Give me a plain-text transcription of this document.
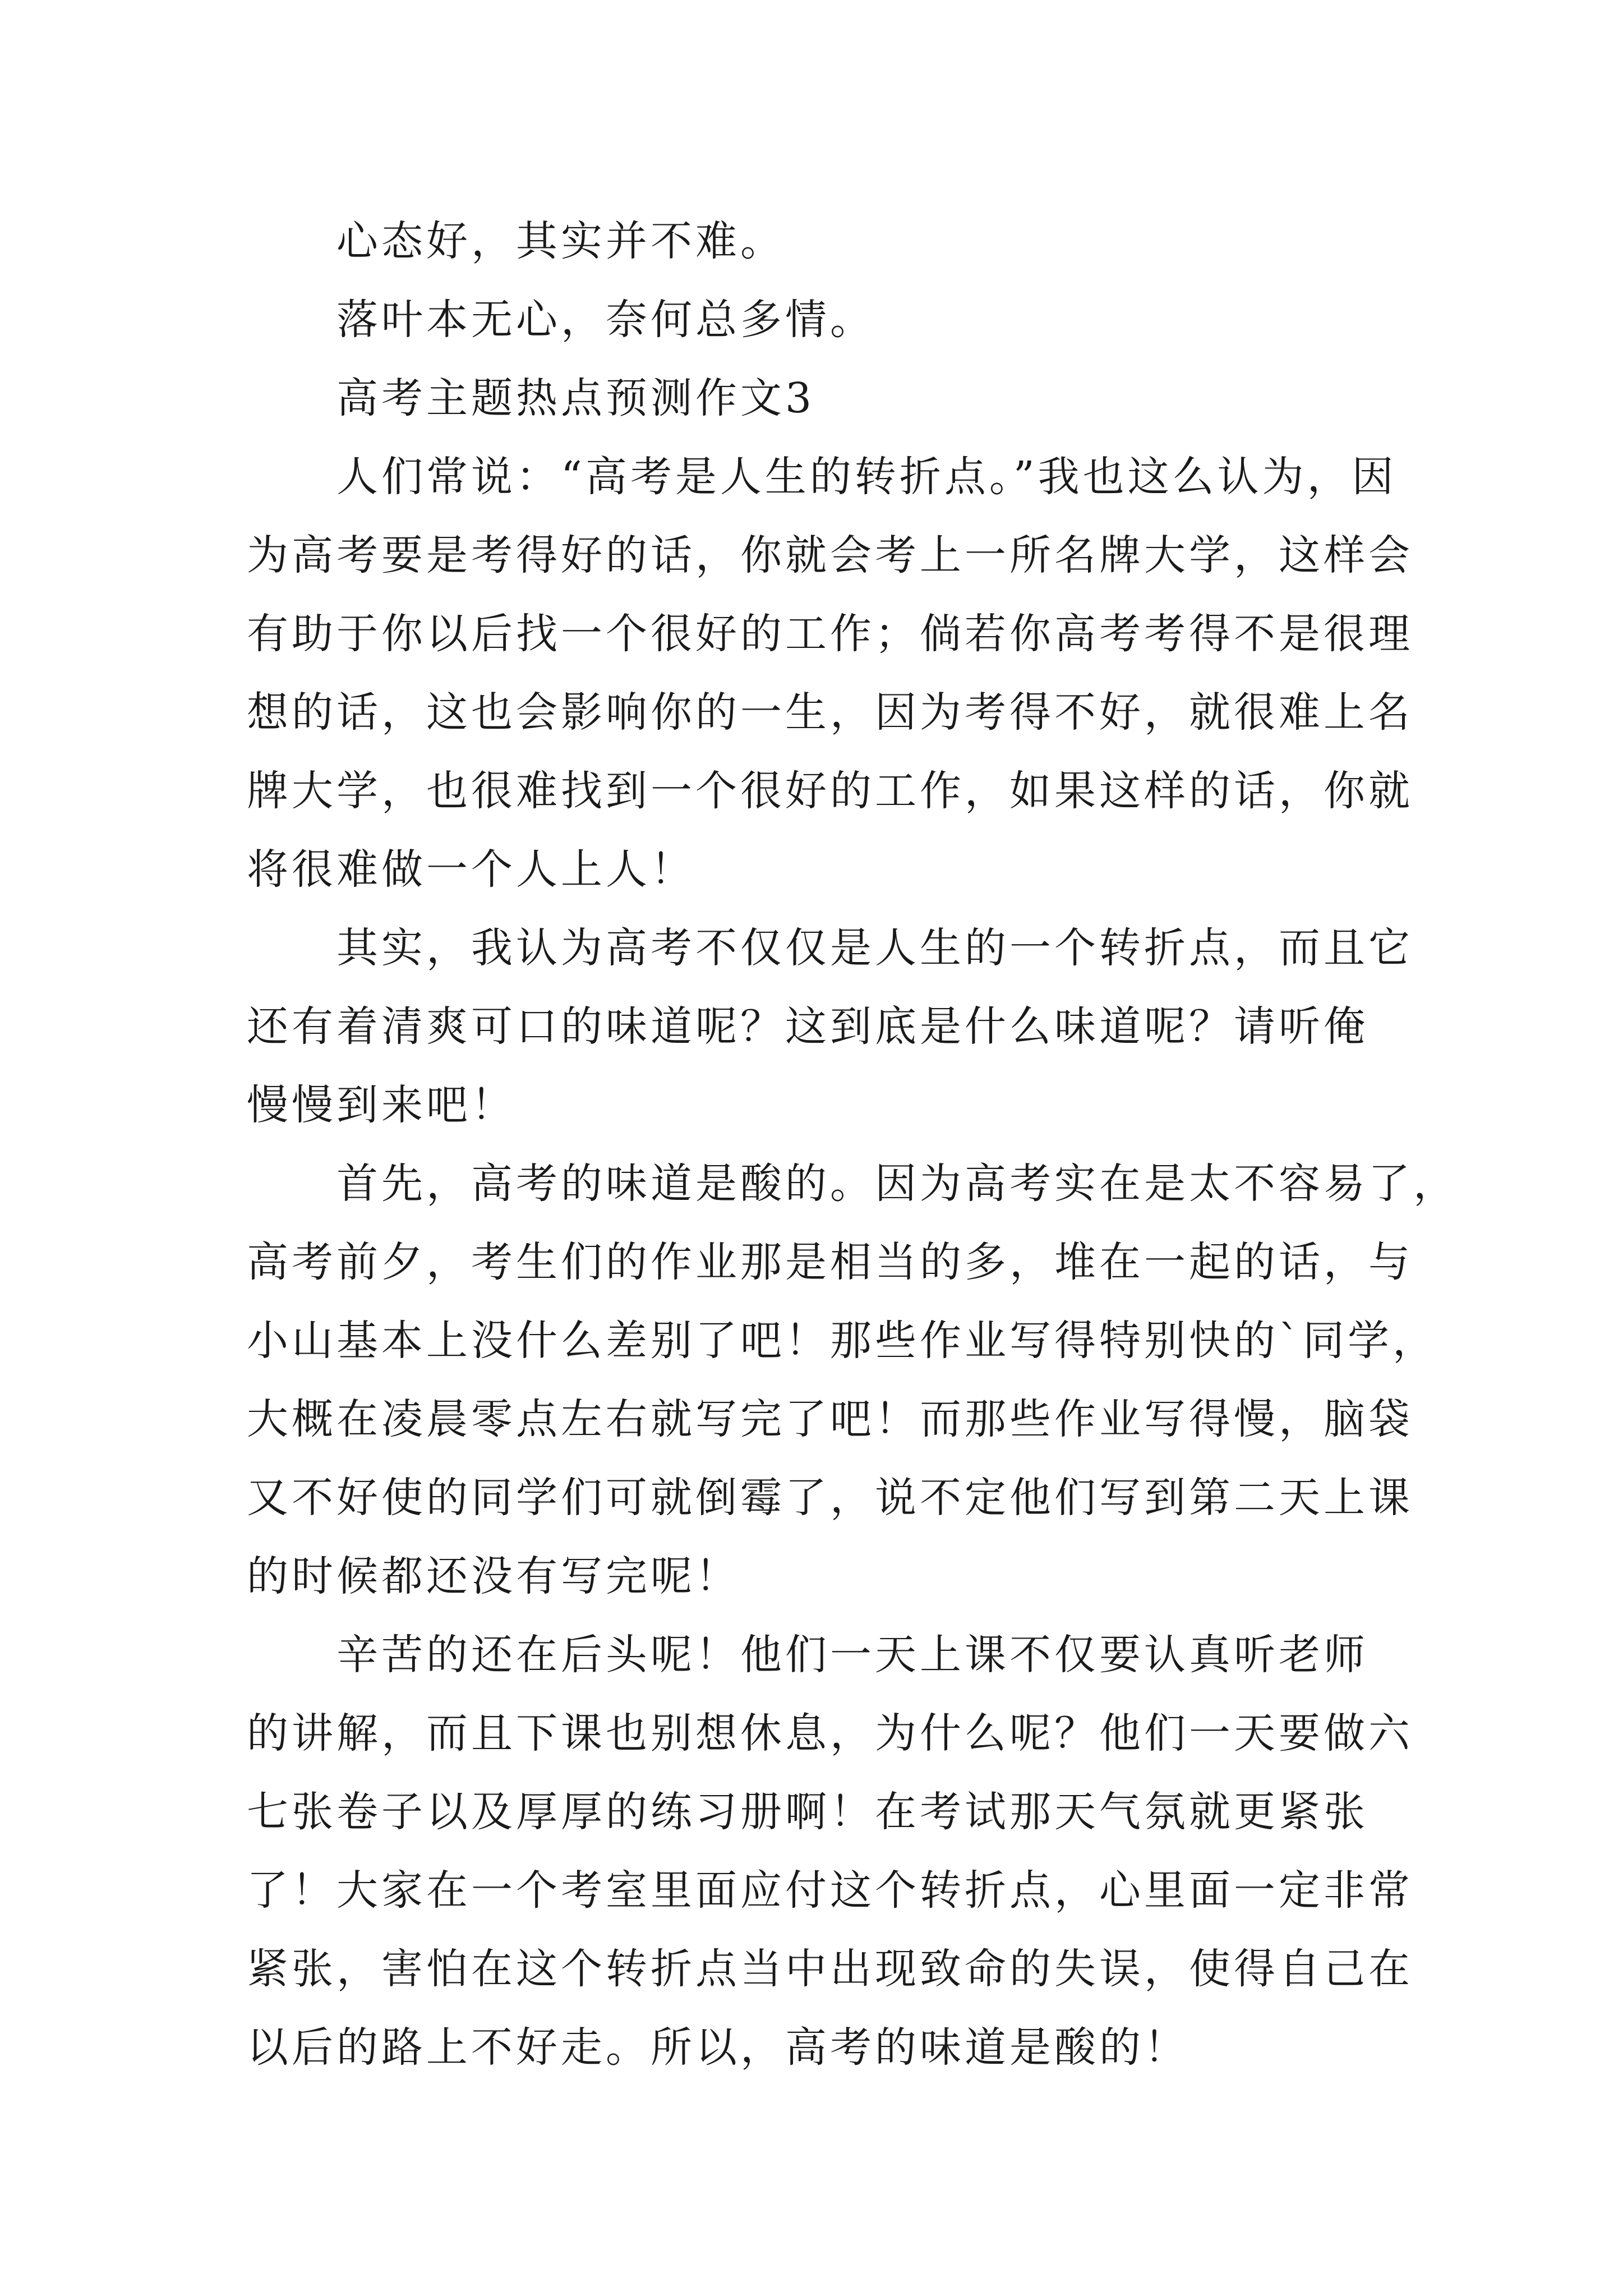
心态好，其实并不难。
落叶本无心，奈何总多情。
高考主题热点预测作文3
人们常说：“高考是人生的转折点。”我也这么认为，因
为高考要是考得好的话，你就会考上一所名牌大学，这样会
有助于你以后找一个很好的工作；倘若你高考考得不是很理
想的话，这也会影响你的一生，因为考得不好，就很难上名
牌大学，也很难找到一个很好的工作，如果这样的话，你就
将很难做一个人上人！
其实，我认为高考不仅仅是人生的一个转折点，而且它
还有着清爽可口的味道呢？这到底是什么味道呢？请听俺
慢慢到来吧！
首先，高考的味道是酸的。因为高考实在是太不容易了，
高考前夕，考生们的作业那是相当的多，堆在一起的话，与
小山基本上没什么差别了吧！那些作业写得特别快的`同学，
大概在凌晨零点左右就写完了吧！而那些作业写得慢，脑袋
又不好使的同学们可就倒霉了，说不定他们写到第二天上课
的时候都还没有写完呢！
辛苦的还在后头呢！他们一天上课不仅要认真听老师
的讲解，而且下课也别想休息，为什么呢？他们一天要做六
七张卷子以及厚厚的练习册啊！在考试那天气氛就更紧张
了！大家在一个考室里面应付这个转折点，心里面一定非常
紧张，害怕在这个转折点当中出现致命的失误，使得自己在
以后的路上不好走。所以，高考的味道是酸的！
